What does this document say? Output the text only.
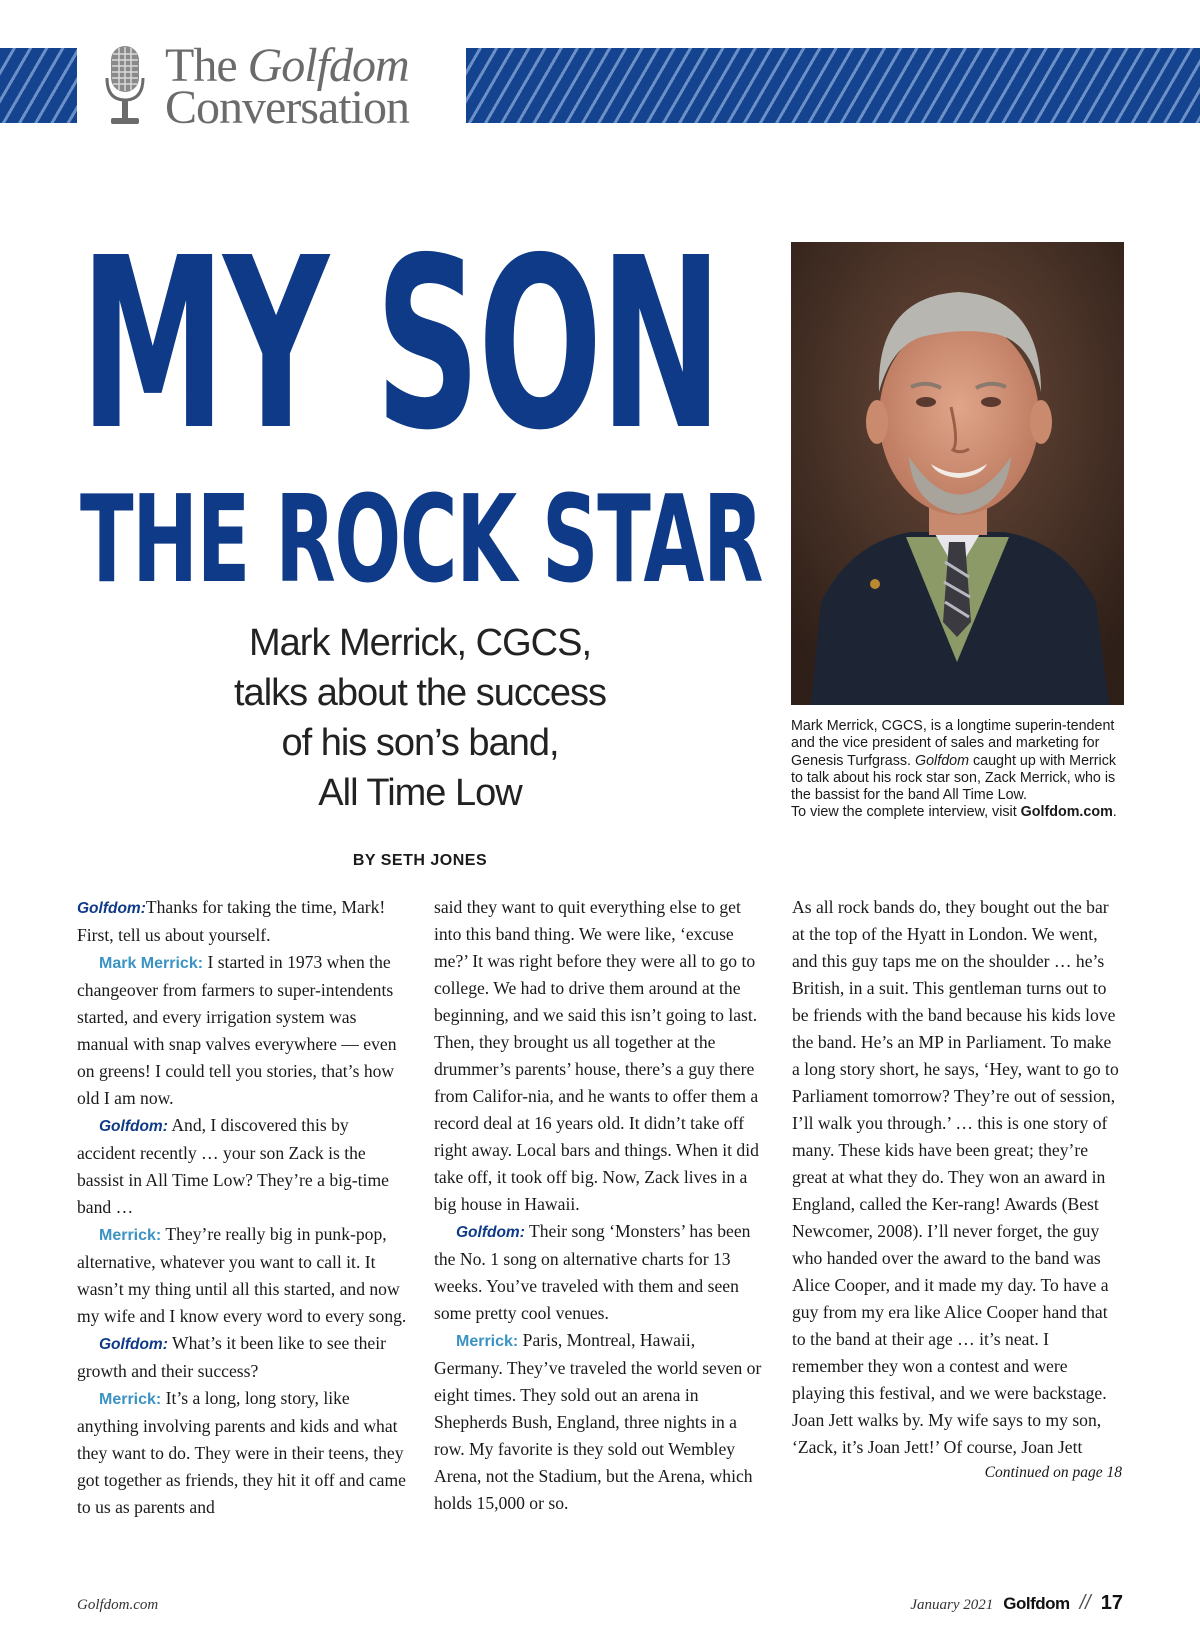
The Golfdom
Conversation
MY SON
THE ROCK STAR
Mark Merrick, CGCS,
talks about the success
of his son’s band,
All Time Low
BY SETH JONES

Mark Merrick, CGCS, is a longtime superin-tendent and the vice president of sales and marketing for Genesis Turfgrass. Golfdom caught up with Merrick to talk about his rock star son, Zack Merrick, who is the bassist for the band All Time Low.

To view the complete interview, visit Golfdom.com.

Golfdom:Thanks for taking the time, Mark! First, tell us about yourself.

Mark Merrick: I started in 1973 when the changeover from farmers to super-intendents started, and every irrigation system was manual with snap valves everywhere — even on greens! I could tell you stories, that’s how old I am now.

Golfdom: And, I discovered this by accident recently … your son Zack is the bassist in All Time Low? They’re a big-time band …

Merrick: They’re really big in punk-pop, alternative, whatever you want to call it. It wasn’t my thing until all this started, and now my wife and I know every word to every song.

Golfdom: What’s it been like to see their growth and their success?

Merrick: It’s a long, long story, like anything involving parents and kids and what they want to do. They were in their teens, they got together as friends, they hit it off and came to us as parents and

said they want to quit everything else to get into this band thing. We were like, ‘excuse me?’ It was right before they were all to go to college. We had to drive them around at the beginning, and we said this isn’t going to last. Then, they brought us all together at the drummer’s parents’ house, there’s a guy there from Califor-nia, and he wants to offer them a record deal at 16 years old. It didn’t take off right away. Local bars and things. When it did take off, it took off big. Now, Zack lives in a big house in Hawaii.

Golfdom: Their song ‘Monsters’ has been the No. 1 song on alternative charts for 13 weeks. You’ve traveled with them and seen some pretty cool venues.

Merrick: Paris, Montreal, Hawaii, Germany. They’ve traveled the world seven or eight times. They sold out an arena in Shepherds Bush, England, three nights in a row. My favorite is they sold out Wembley Arena, not the Stadium, but the Arena, which holds 15,000 or so.

As all rock bands do, they bought out the bar at the top of the Hyatt in London. We went, and this guy taps me on the shoulder … he’s British, in a suit. This gentleman turns out to be friends with the band because his kids love the band. He’s an MP in Parliament. To make a long story short, he says, ‘Hey, want to go to Parliament tomorrow? They’re out of session, I’ll walk you through.’ … this is one story of many. These kids have been great; they’re great at what they do. They won an award in England, called the Ker-rang! Awards (Best Newcomer, 2008). I’ll never forget, the guy who handed over the award to the band was Alice Cooper, and it made my day. To have a guy from my era like Alice Cooper hand that to the band at their age … it’s neat. I remember they won a contest and were playing this festival, and we were backstage. Joan Jett walks by. My wife says to my son, ‘Zack, it’s Joan Jett!’ Of course, Joan Jett

Continued on page 18

Golfdom.com	January 2021 Golfdom // 17
